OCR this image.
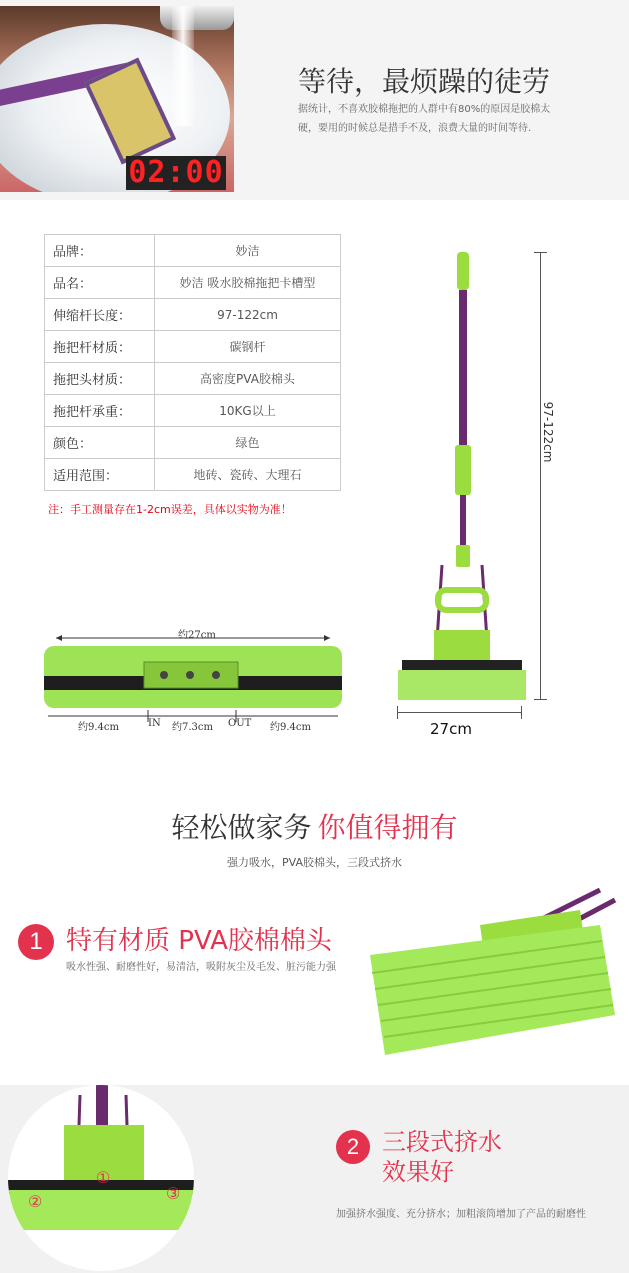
02:00
等待，最烦躁的徒劳
据统计，不喜欢胶棉拖把的人群中有80%的原因是胶棉太硬，要用的时候总是措手不及，浪费大量的时间等待.
品牌：	妙洁
品名：	妙洁 吸水胶棉拖把卡槽型
伸缩杆长度：	97-122cm
拖把杆材质：	碳钢杆
拖把头材质：	高密度PVA胶棉头
拖把杆承重：	10KG以上
颜色：	绿色
适用范围：	地砖、瓷砖、大理石
注：手工测量存在1-2cm误差，具体以实物为准！
97-122cm
27cm
约27cm
约9.4cm	IN 约7.3cm OUT 约9.4cm
轻松做家务 你值得拥有
强力吸水，PVA胶棉头，三段式挤水
1 特有材质 PVA胶棉棉头
吸水性强、耐磨性好，易清洁，吸附灰尘及毛发、脏污能力强
①
②	③
2 三段式挤水
效果好
加强挤水强度、充分挤水；加粗滚筒增加了产品的耐磨性
